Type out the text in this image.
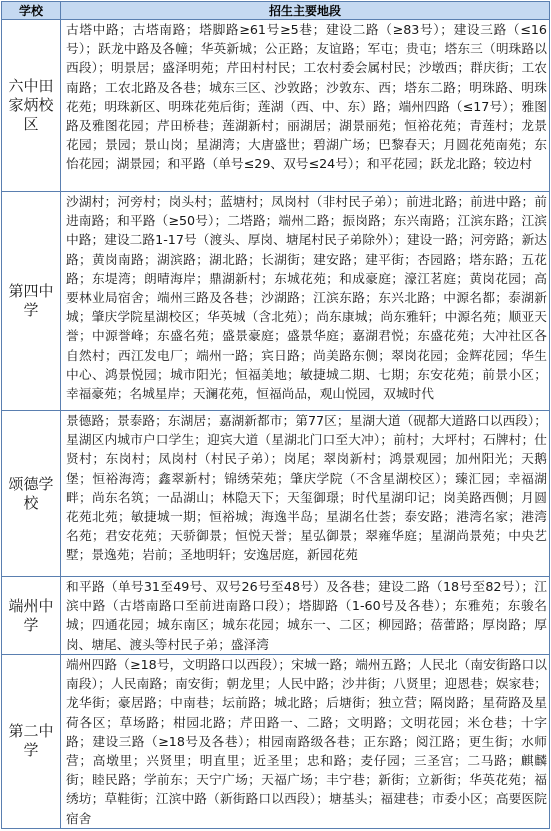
学校	招生主要地段
六中田家炳校区	古塔中路；古塔南路；塔脚路≥61号≥5巷；建设二路（≥83号）；建设三路（≤16号）；跃龙中路及各幢；华英新城；公正路；友谊路；军屯；贵屯；塔东三（明珠路以西段）；明景居；盛泽明苑；芹田村村民；工农村委会属村民；沙墩西；群庆街；工农南路；工农北路及各巷；城东三区、沙敦路；沙敦东、西；塔东二路；明珠路、明珠花苑；明珠新区、明珠花苑后街；莲湖（西、中、东）路；端州四路（≤17号）；雅图路及雅图花园；芹田桥巷；莲湖新村；丽湖居；湖景丽苑；恒裕花苑；青莲村；龙景花园；景园；景山岗；星湖湾；大唐盛世；碧湖广场；巴黎春天；月圆花苑南苑；东怡花园；湖景园；和平路（单号≤29、双号≤24号）；和平花园；跃龙北路；较边村
第四中学	沙湖村；河旁村；岗头村；蓝塘村；凤岗村（非村民子弟）；前进北路；前进中路；前进南路；和平路（≥50号）；二塔路；端州二路；振岗路；东兴南路；江滨东路；江滨中路；建设二路1-17号（渡头、厚岗、塘尾村民子弟除外）；建设一路；河旁路；新达路；黄岗南路；湖滨路；湖北路；长湖街；建安路；建平街；杏园路；塔东路；五花路；东堤湾；朗晴海岸；鼎湖新村；东城花苑；和成豪庭；濠江茗庭；黄岗花园；高要林业局宿舍；端州三路及各巷；沙湖路；江滨东路；东兴北路；中源名都；泰湖新城；肇庆学院星湖校区；华英城（含北苑）；尚东康城；尚东雅轩；中源名苑；顺亚天誉；中源誉峰；东盛名苑；盛景豪庭；盛景华庭；嘉湖君悦；东盛花苑；大冲社区各自然村；西江发电厂；端州一路；宾日路；尚美路东侧；翠岗花园；金辉花园；华生中心、鸿景悦园；城市阳光；恒福美地；敏捷城二期、七期；东安花苑；前景小区；幸福豪苑；名城星岸；天澜花苑，恒福尚品，观山悦园，双城时代
颂德学校	景德路；景泰路；东湖居；嘉湖新都市；第77区；星湖大道（砚都大道路口以西段）；星湖区内城市户口学生；迎宾大道（星湖北门口至大冲）；前村；大坪村；石牌村；仕贤村；东岗村；凤岗村（村民子弟）；岗尾；翠岗新村；鸿景观园；加州阳光；天鹅堡；恒裕海湾；鑫翠新村；锦绣荣苑；肇庆学院（不含星湖校区）；臻汇园；幸福湖畔；尚东名筑；一品湖山；林隐天下；天玺御璟；时代星湖印记；岗美路西侧；月圆花苑北苑；敏捷城一期；恒裕城；海逸半岛；星湖名仕荟；泰安路；港湾名家；港湾名苑；君安花苑；天骄御景；恒悦天誉；星弘御景；翠雍华庭；星湖尚景苑；中央艺墅；景逸苑；岩前；圣地明轩；安逸居庭，新园花苑
端州中学	和平路（单号31至49号、双号26号至48号）及各巷；建设二路（18号至82号）；江滨中路（古塔南路口至前进南路口段）；塔脚路（1-60号及各巷）；东雅苑；东骏名城；四通花园；城东南区；城东花园；城东一、二区；柳园路；蓓蕾路；厚岗路；厚岗、塘尾、渡头等村民子弟；盛泽湾
第二中学	端州四路（≥18号，文明路口以西段）；宋城一路；端州五路；人民北（南安街路口以南段）；人民南路；南安街；朝龙里；人民中路；沙井街；八贤里；迎恩巷；娱家巷；龙华街；豪居路；中南巷；坛前路；城北路；后塘街；独立营；隔岗路；星荷路及星荷各区；草场路；柑园北路；芹田路一、二路；文明路；文明花园；米仓巷；十字路；建设三路（≥18号及各巷）；柑园南路级各巷；正东路；阅江路；更生街；水师营；高墩里；兴贤里；明直里；近圣里；忠和路；麦仔园；三圣宫；二马路；麒麟街；睦民路；学前东；天宁广场；天福广场；丰宁巷；新街；立新街；华英花苑；福绣坊；草鞋街；江滨中路（新街路口以西段）；塘基头；福建巷；市委小区；高要医院宿舍
